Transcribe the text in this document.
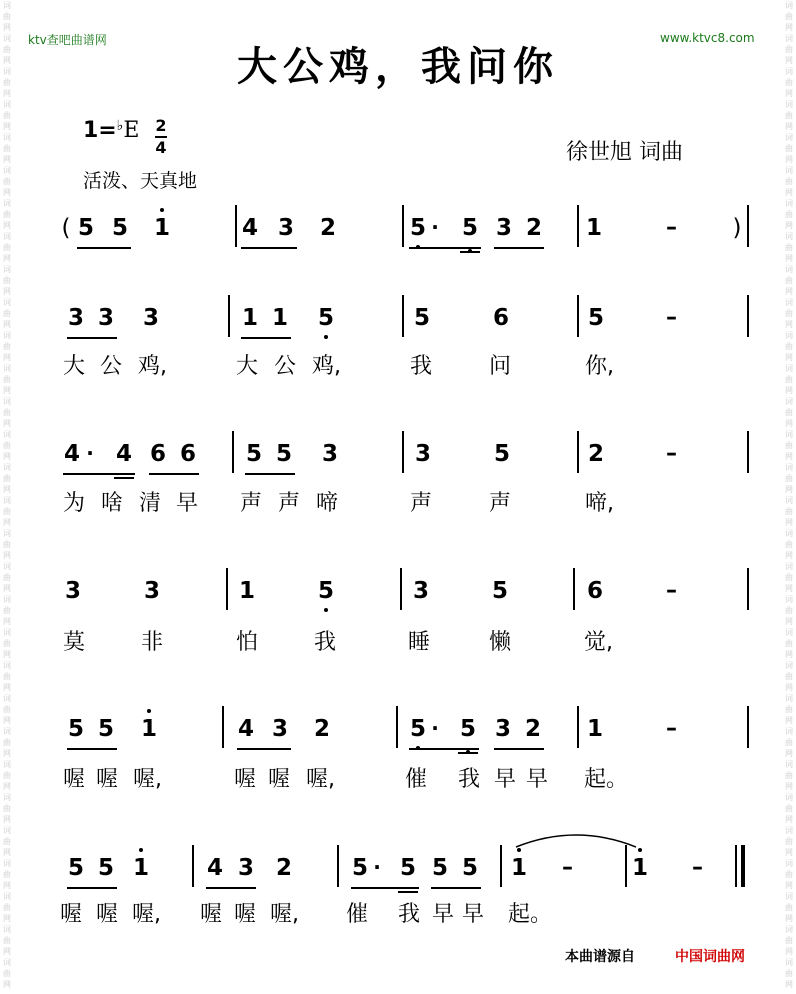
词
曲
网
词
曲
网
词
曲
网
词
曲
网
词
曲
网
词
曲
网
词
曲
网
词
曲
网
词
曲
网
词
曲
网
词
曲
网
词
曲
网
词
曲
网
词
曲
网
词
曲
网
词
曲
网
词
曲
网
词
曲
网
词
曲
网
词
曲
网
词
曲
网
词
曲
网
词
曲
网
词
曲
网
词
曲
网
词
曲
网
词
曲
网
词
曲
网
词
曲
网
词
曲
网
词
曲
网
词
曲
网
词
曲
网
词
曲
网
词
曲
网
词
曲
网
词
曲
网
词
曲
网
词
曲
网
词
曲
网
词
曲
网
词
曲
网
词
曲
网
词
曲
网
词
曲
网
词
曲
网
词
曲
网
词
曲
网
词
曲
网
词
曲
网
词
曲
网
词
曲
网
词
曲
网
词
曲
网
词
曲
网
词
曲
网
词
曲
网
词
曲
网
词
曲
网
词
曲
网
ktv查吧曲谱网	www.ktvc8.com
大公鸡，我问你
1=♭E 2
4
活泼、天真地
徐世旭 词曲
( 5 5 1	4 3 2	5 · 5 3 2 1	– )
3 3 3	1 1 5	5	6	5	–
大 公 鸡,	大 公 鸡,	我	问	你,
4 · 4 6 6 5 5 3	3	5	2	–
为 啥 清 早 声 声 啼	声	声	啼,
3	3	1	5	3	5	6	–
莫	非	怕	我	睡	懒	觉,
5 5 1	4 3 2	5 · 5 3 2 1	–
喔 喔 喔,	喔 喔 喔,	催 我 早 早 起。
5 5 1	4 3 2	5 · 5 5 5 1 –	1 –
喔 喔 喔, 喔 喔 喔, 催 我 早 早 起。
本曲谱源自	中国词曲网
